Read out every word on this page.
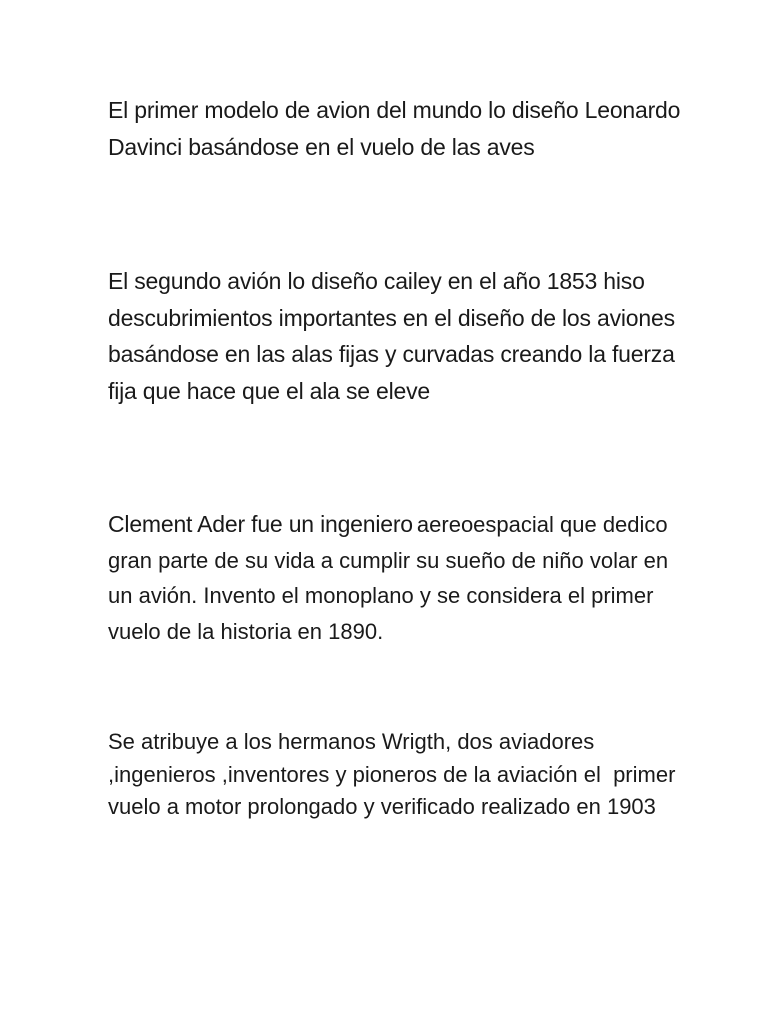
El primer modelo de avion del mundo lo diseño Leonardo Davinci basándose en el vuelo de las aves

El segundo avión lo diseño cailey en el año 1853 hiso descubrimientos importantes en el diseño de los aviones basándose en las alas fijas y curvadas creando la fuerza fija que hace que el ala se eleve

Clement Ader fue un ingeniero aereoespacial que dedico gran parte de su vida a cumplir su sueño de niño volar en un avión. Invento el monoplano y se considera el primer vuelo de la historia en 1890.

Se atribuye a los hermanos Wrigth, dos aviadores ,ingenieros ,inventores y pioneros de la aviación el  primer vuelo a motor prolongado y verificado realizado en 1903
